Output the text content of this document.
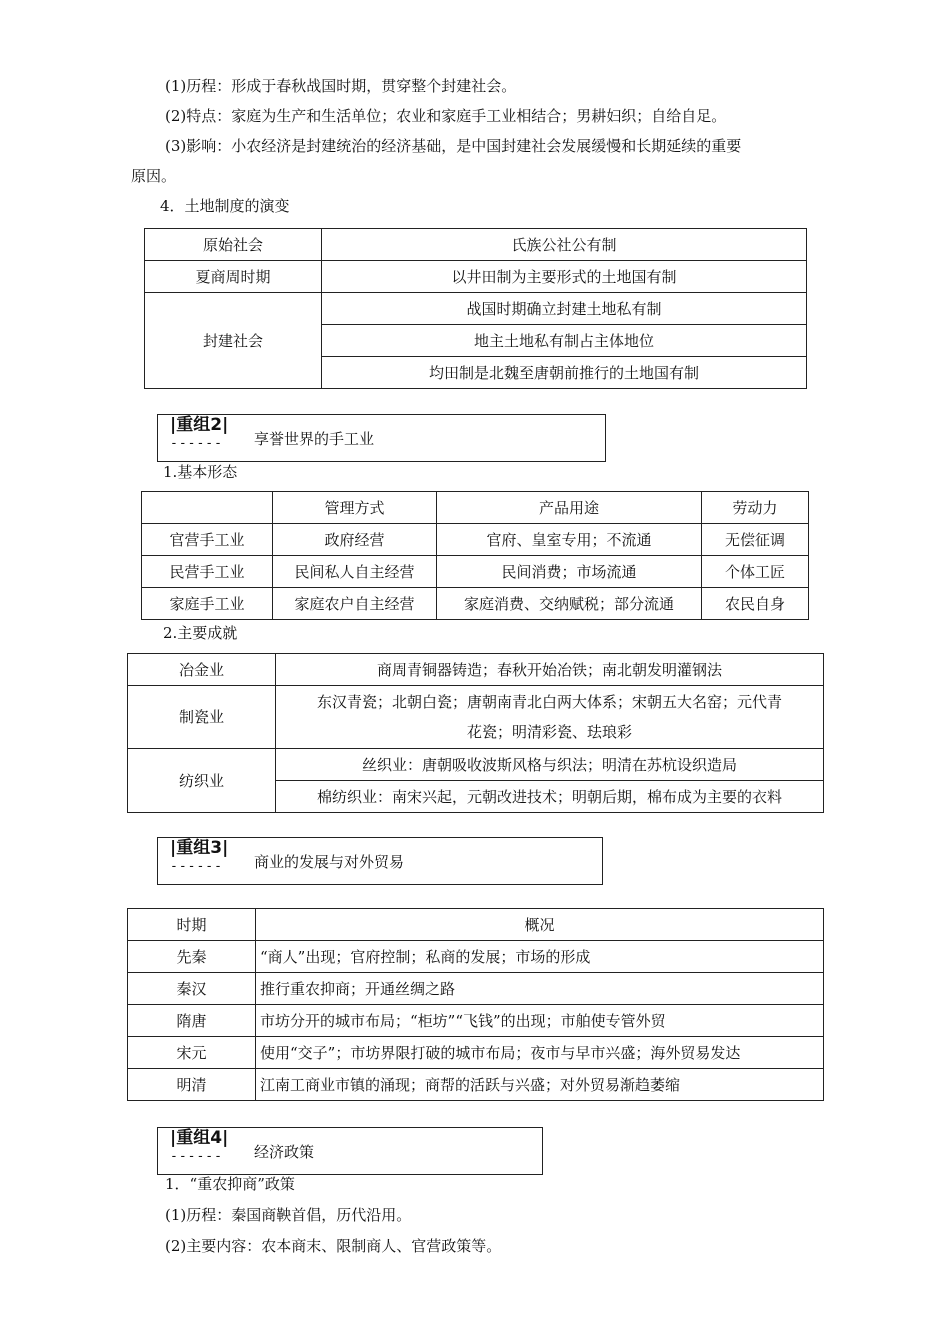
(1)历程：形成于春秋战国时期，贯穿整个封建社会。
(2)特点：家庭为生产和生活单位；农业和家庭手工业相结合；男耕妇织；自给自足。
(3)影响：小农经济是封建统治的经济基础，是中国封建社会发展缓慢和长期延续的重要
原因。
4．土地制度的演变
原始社会	氏族公社公有制
夏商周时期	以井田制为主要形式的土地国有制
封建社会	战国时期确立封建土地私有制
	地主土地私有制占主体地位
	均田制是北魏至唐朝前推行的土地国有制
|重组2|
------ 享誉世界的手工业
1.基本形态
	管理方式	产品用途	劳动力
官营手工业	政府经营	官府、皇室专用；不流通	无偿征调
民营手工业	民间私人自主经营	民间消费；市场流通	个体工匠
家庭手工业	家庭农户自主经营	家庭消费、交纳赋税；部分流通	农民自身
2.主要成就
冶金业	商周青铜器铸造；春秋开始冶铁；南北朝发明灌钢法
制瓷业	东汉青瓷；北朝白瓷；唐朝南青北白两大体系；宋朝五大名窑；元代青
花瓷；明清彩瓷、珐琅彩

纺织业	丝织业：唐朝吸收波斯风格与织法；明清在苏杭设织造局
	棉纺织业：南宋兴起，元朝改进技术；明朝后期，棉布成为主要的衣料
|重组3|
------ 商业的发展与对外贸易
时期	概况
先秦	“商人”出现；官府控制；私商的发展；市场的形成
秦汉	推行重农抑商；开通丝绸之路
隋唐	市坊分开的城市布局；“柜坊”“飞钱”的出现；市舶使专管外贸
宋元	使用“交子”；市坊界限打破的城市布局；夜市与早市兴盛；海外贸易发达
明清	江南工商业市镇的涌现；商帮的活跃与兴盛；对外贸易渐趋萎缩
|重组4|
------ 经济政策
1．“重农抑商”政策
(1)历程：秦国商鞅首倡，历代沿用。
(2)主要内容：农本商末、限制商人、官营政策等。
